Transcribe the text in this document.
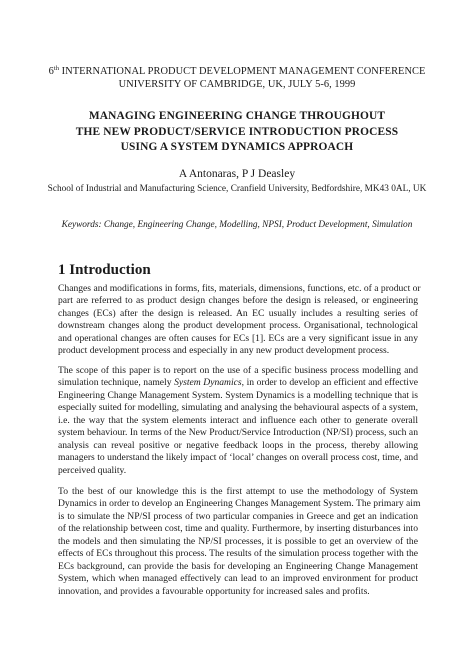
6th INTERNATIONAL PRODUCT DEVELOPMENT MANAGEMENT CONFERENCE
UNIVERSITY OF CAMBRIDGE, UK, JULY 5-6, 1999
MANAGING ENGINEERING CHANGE THROUGHOUT
THE NEW PRODUCT/SERVICE INTRODUCTION PROCESS
USING A SYSTEM DYNAMICS APPROACH
A Antonaras, P J Deasley
School of Industrial and Manufacturing Science, Cranfield University, Bedfordshire, MK43 0AL, UK
Keywords: Change, Engineering Change, Modelling, NPSI, Product Development, Simulation
1 Introduction
Changes and modifications in forms, fits, materials, dimensions, functions, etc. of a product or
part are referred to as product design changes before the design is released, or engineering
changes (ECs) after the design is released. An EC usually includes a resulting series of
downstream changes along the product development process. Organisational, technological
and operational changes are often causes for ECs [1]. ECs are a very significant issue in any
product development process and especially in any new product development process.
The scope of this paper is to report on the use of a specific business process modelling and
simulation technique, namely System Dynamics, in order to develop an efficient and effective
Engineering Change Management System. System Dynamics is a modelling technique that is
especially suited for modelling, simulating and analysing the behavioural aspects of a system,
i.e. the way that the system elements interact and influence each other to generate overall
system behaviour. In terms of the New Product/Service Introduction (NP/SI) process, such an
analysis can reveal positive or negative feedback loops in the process, thereby allowing
managers to understand the likely impact of ‘local’ changes on overall process cost, time, and
perceived quality.
To the best of our knowledge this is the first attempt to use the methodology of System
Dynamics in order to develop an Engineering Changes Management System. The primary aim
is to simulate the NP/SI process of two particular companies in Greece and get an indication
of the relationship between cost, time and quality. Furthermore, by inserting disturbances into
the models and then simulating the NP/SI processes, it is possible to get an overview of the
effects of ECs throughout this process. The results of the simulation process together with the
ECs background, can provide the basis for developing an Engineering Change Management
System, which when managed effectively can lead to an improved environment for product
innovation, and provides a favourable opportunity for increased sales and profits.
